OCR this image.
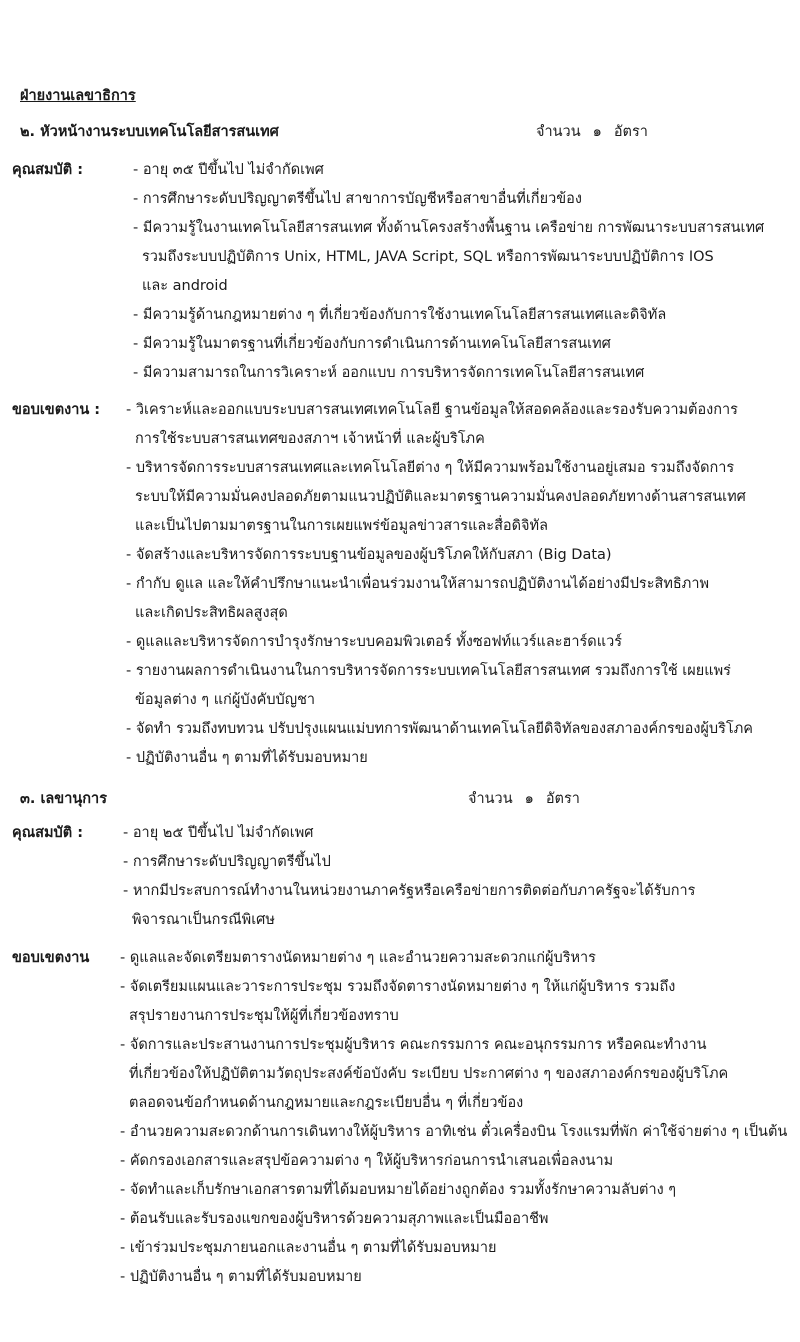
ฝ่ายงานเลขาธิการ
๒. หัวหน้างานระบบเทคโนโลยีสารสนเทศ	จำนวน ๑ อัตรา
คุณสมบัติ :	- อายุ ๓๕ ปีขึ้นไป ไม่จำกัดเพศ
- การศึกษาระดับปริญญาตรีขึ้นไป สาขาการบัญชีหรือสาขาอื่นที่เกี่ยวข้อง
- มีความรู้ในงานเทคโนโลยีสารสนเทศ ทั้งด้านโครงสร้างพื้นฐาน เครือข่าย การพัฒนาระบบสารสนเทศ
รวมถึงระบบปฏิบัติการ Unix, HTML, JAVA Script, SQL หรือการพัฒนาระบบปฏิบัติการ IOS
และ android
- มีความรู้ด้านกฎหมายต่าง ๆ ที่เกี่ยวข้องกับการใช้งานเทคโนโลยีสารสนเทศและดิจิทัล
- มีความรู้ในมาตรฐานที่เกี่ยวข้องกับการดำเนินการด้านเทคโนโลยีสารสนเทศ
- มีความสามารถในการวิเคราะห์ ออกแบบ การบริหารจัดการเทคโนโลยีสารสนเทศ
ขอบเขตงาน : - วิเคราะห์และออกแบบระบบสารสนเทศเทคโนโลยี ฐานข้อมูลให้สอดคล้องและรองรับความต้องการ
การใช้ระบบสารสนเทศของสภาฯ เจ้าหน้าที่ และผู้บริโภค
- บริหารจัดการระบบสารสนเทศและเทคโนโลยีต่าง ๆ ให้มีความพร้อมใช้งานอยู่เสมอ รวมถึงจัดการ
ระบบให้มีความมั่นคงปลอดภัยตามแนวปฏิบัติและมาตรฐานความมั่นคงปลอดภัยทางด้านสารสนเทศ
และเป็นไปตามมาตรฐานในการเผยแพร่ข้อมูลข่าวสารและสื่อดิจิทัล
- จัดสร้างและบริหารจัดการระบบฐานข้อมูลของผู้บริโภคให้กับสภา (Big Data)
- กำกับ ดูแล และให้คำปรึกษาแนะนำเพื่อนร่วมงานให้สามารถปฏิบัติงานได้อย่างมีประสิทธิภาพ
และเกิดประสิทธิผลสูงสุด
- ดูแลและบริหารจัดการบำรุงรักษาระบบคอมพิวเตอร์ ทั้งซอฟท์แวร์และฮาร์ดแวร์
- รายงานผลการดำเนินงานในการบริหารจัดการระบบเทคโนโลยีสารสนเทศ รวมถึงการใช้ เผยแพร่
ข้อมูลต่าง ๆ แก่ผู้บังคับบัญชา
- จัดทำ รวมถึงทบทวน ปรับปรุงแผนแม่บทการพัฒนาด้านเทคโนโลยีดิจิทัลของสภาองค์กรของผู้บริโภค
- ปฏิบัติงานอื่น ๆ ตามที่ได้รับมอบหมาย
๓. เลขานุการ	จำนวน ๑ อัตรา
คุณสมบัติ :	- อายุ ๒๕ ปีขึ้นไป ไม่จำกัดเพศ
- การศึกษาระดับปริญญาตรีขึ้นไป
- หากมีประสบการณ์ทำงานในหน่วยงานภาครัฐหรือเครือข่ายการติดต่อกับภาครัฐจะได้รับการ
พิจารณาเป็นกรณีพิเศษ
ขอบเขตงาน - ดูแลและจัดเตรียมตารางนัดหมายต่าง ๆ และอำนวยความสะดวกแก่ผู้บริหาร
- จัดเตรียมแผนและวาระการประชุม รวมถึงจัดตารางนัดหมายต่าง ๆ ให้แก่ผู้บริหาร รวมถึง
สรุปรายงานการประชุมให้ผู้ที่เกี่ยวข้องทราบ
- จัดการและประสานงานการประชุมผู้บริหาร คณะกรรมการ คณะอนุกรรมการ หรือคณะทำงาน
ที่เกี่ยวข้องให้ปฏิบัติตามวัตถุประสงค์ข้อบังคับ ระเบียบ ประกาศต่าง ๆ ของสภาองค์กรของผู้บริโภค
ตลอดจนข้อกำหนดด้านกฎหมายและกฎระเบียบอื่น ๆ ที่เกี่ยวข้อง
- อำนวยความสะดวกด้านการเดินทางให้ผู้บริหาร อาทิเช่น ตั๋วเครื่องบิน โรงแรมที่พัก ค่าใช้จ่ายต่าง ๆ เป็นต้น
- คัดกรองเอกสารและสรุปข้อความต่าง ๆ ให้ผู้บริหารก่อนการนำเสนอเพื่อลงนาม
- จัดทำและเก็บรักษาเอกสารตามที่ได้มอบหมายได้อย่างถูกต้อง รวมทั้งรักษาความลับต่าง ๆ
- ต้อนรับและรับรองแขกของผู้บริหารด้วยความสุภาพและเป็นมืออาชีพ
- เข้าร่วมประชุมภายนอกและงานอื่น ๆ ตามที่ได้รับมอบหมาย
- ปฏิบัติงานอื่น ๆ ตามที่ได้รับมอบหมาย
